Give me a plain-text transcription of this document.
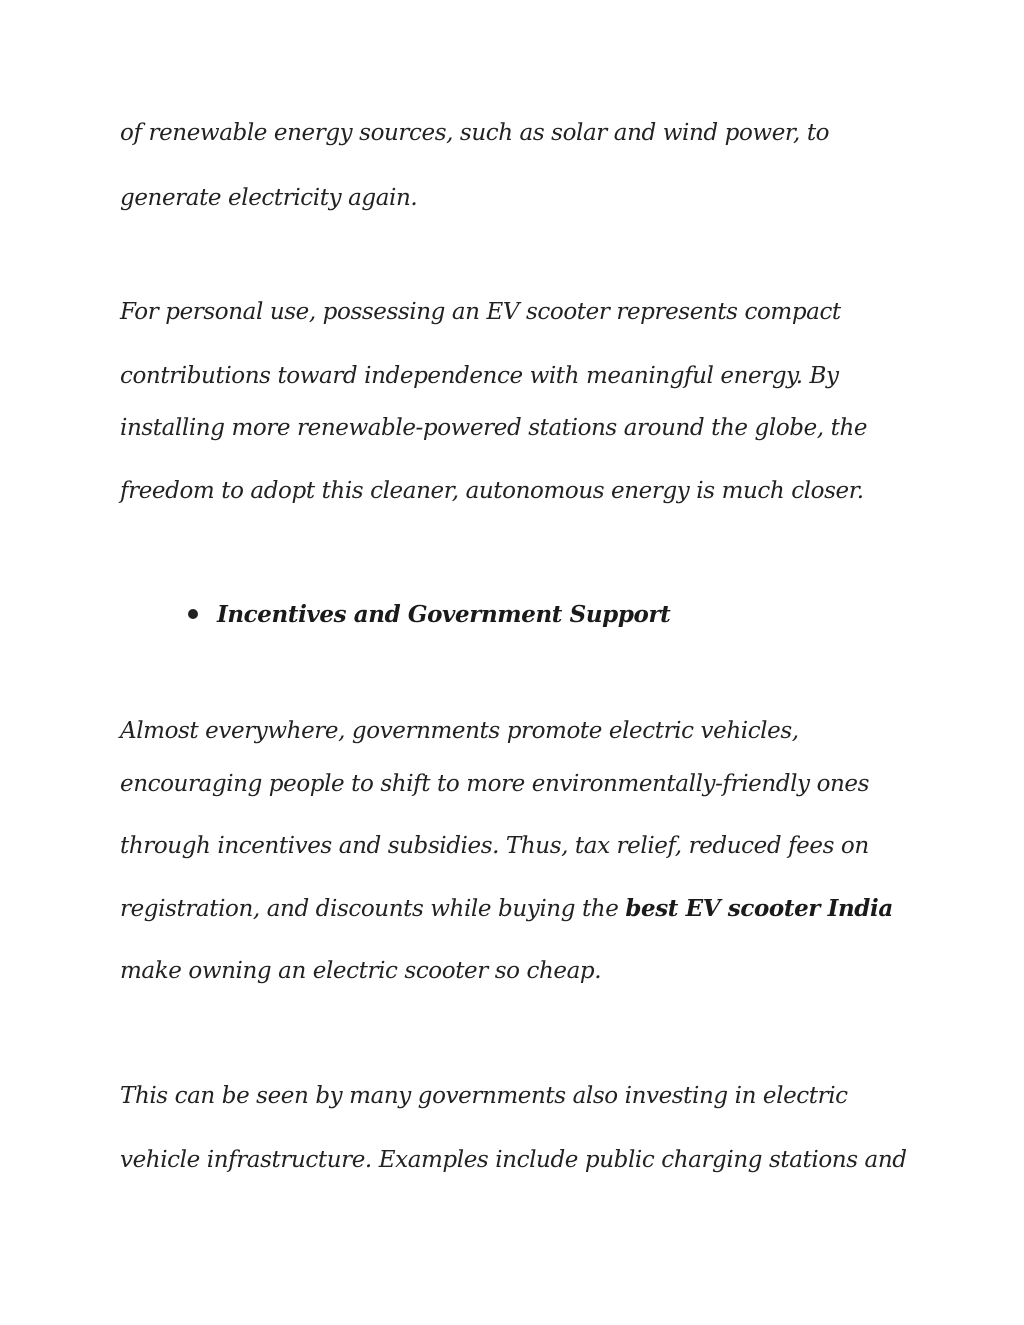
of renewable energy sources, such as solar and wind power, to

generate electricity again.

For personal use, possessing an EV scooter represents compact

contributions toward independence with meaningful energy. By

installing more renewable-powered stations around the globe, the

freedom to adopt this cleaner, autonomous energy is much closer.

Incentives and Government Support

Almost everywhere, governments promote electric vehicles,

encouraging people to shift to more environmentally-friendly ones

through incentives and subsidies. Thus, tax relief, reduced fees on

registration, and discounts while buying the best EV scooter India

make owning an electric scooter so cheap.

This can be seen by many governments also investing in electric

vehicle infrastructure. Examples include public charging stations and
